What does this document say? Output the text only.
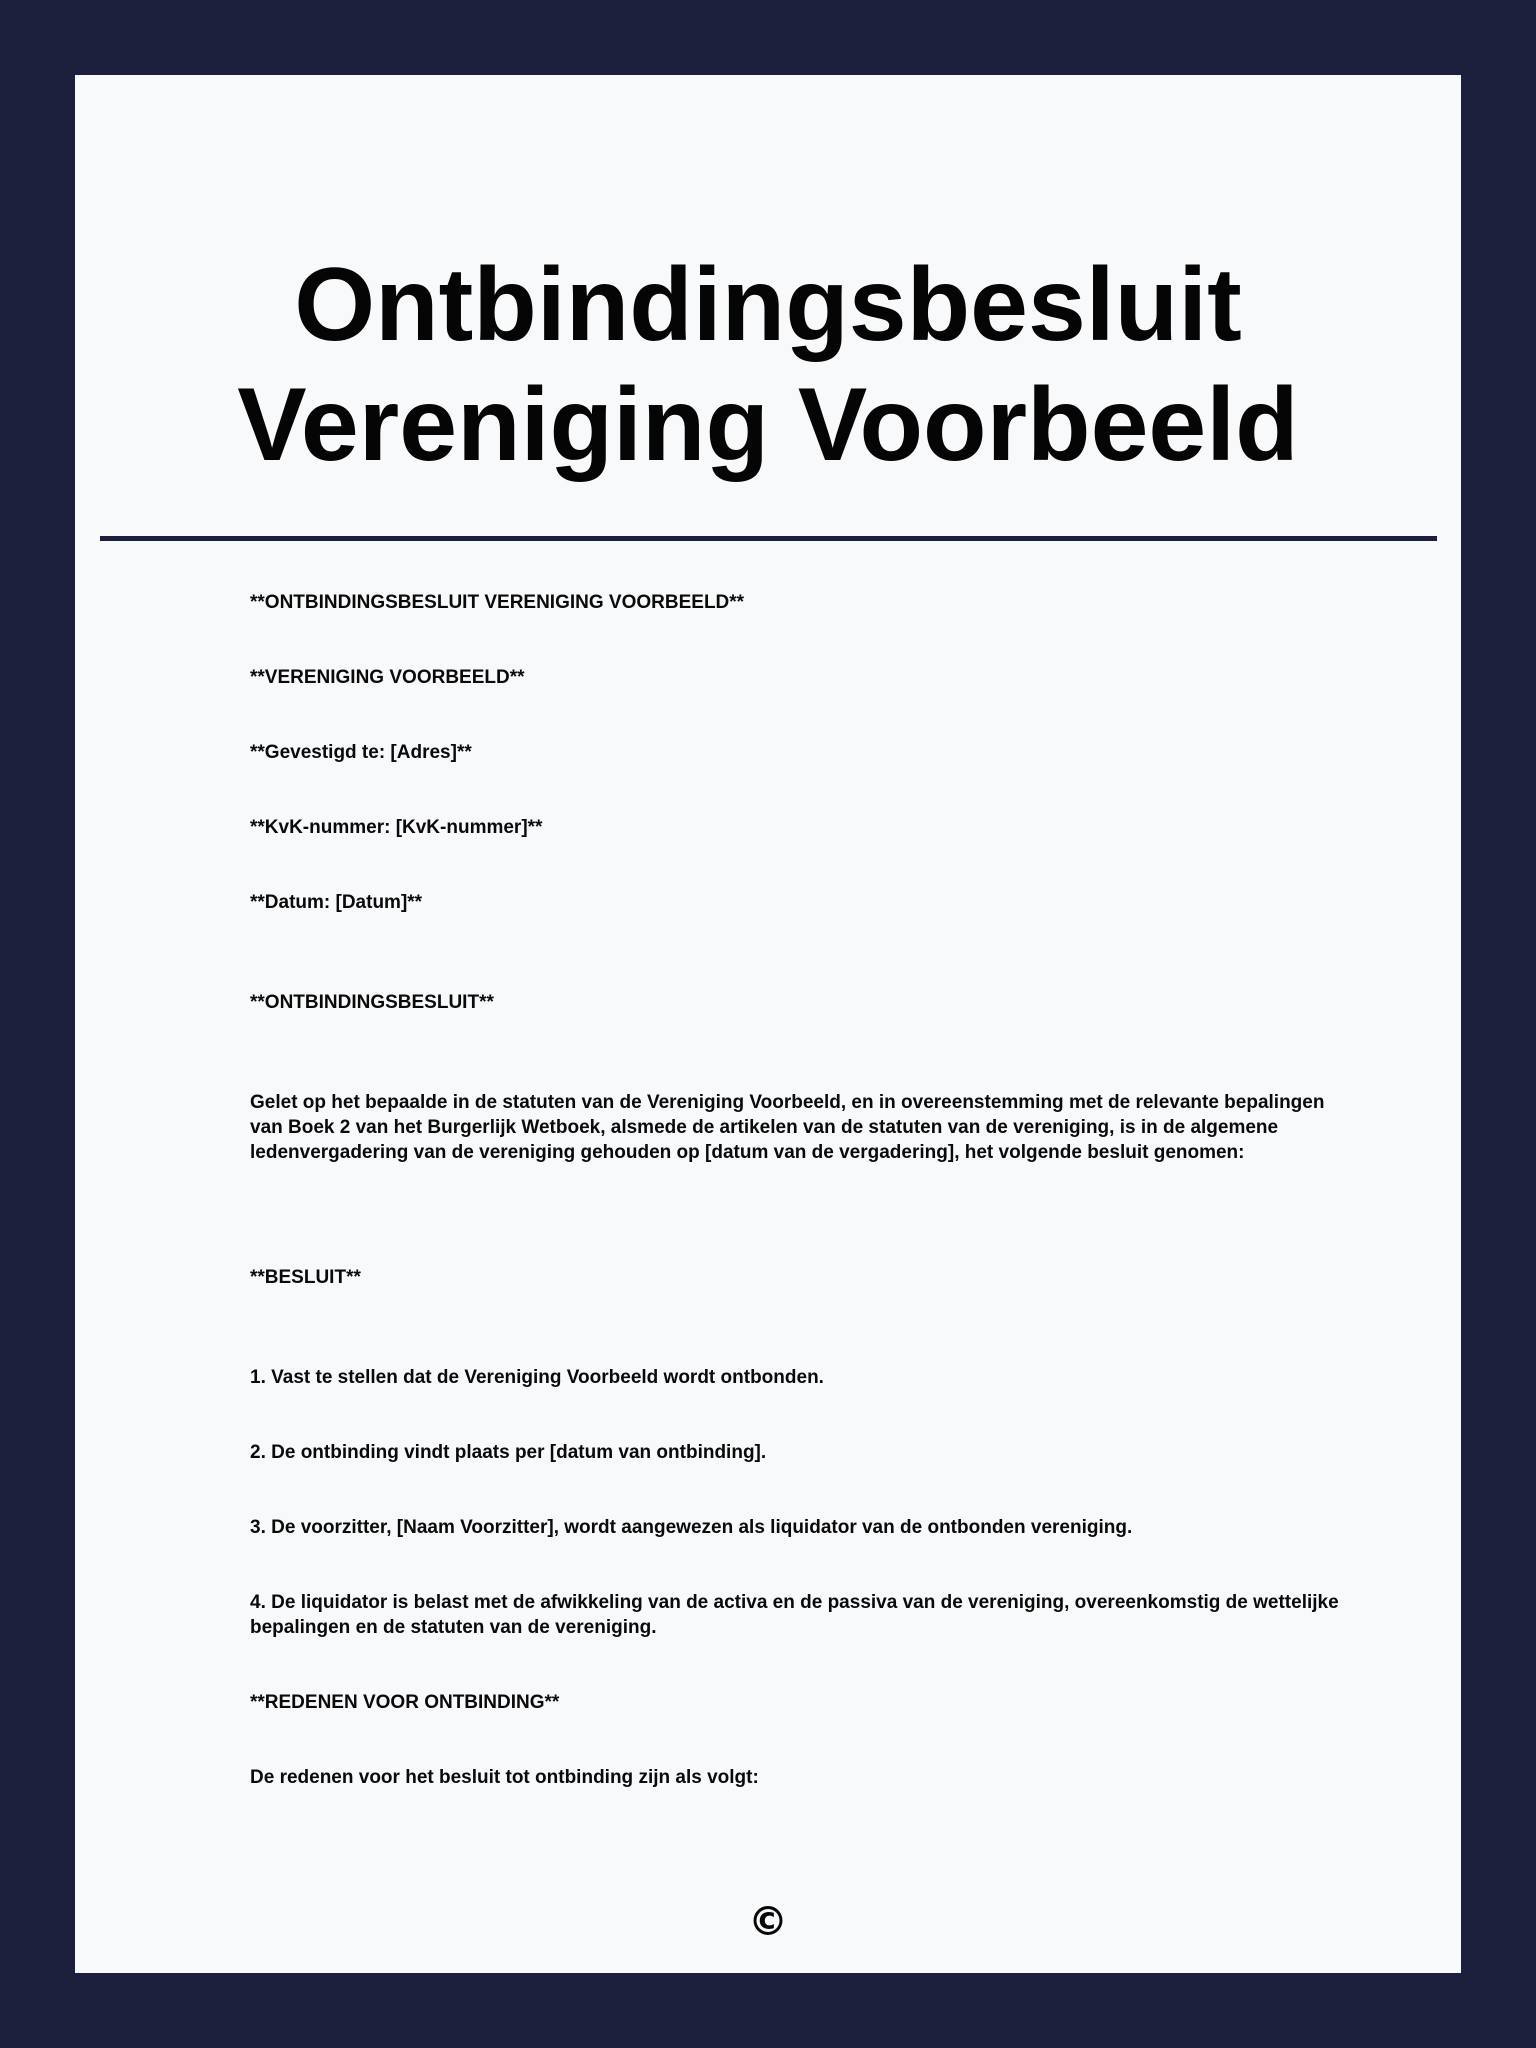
Ontbindingsbesluit
Vereniging Voorbeeld

**ONTBINDINGSBESLUIT VERENIGING VOORBEELD**

**VERENIGING VOORBEELD**

**Gevestigd te: [Adres]**

**KvK-nummer: [KvK-nummer]**

**Datum: [Datum]**

**ONTBINDINGSBESLUIT**

Gelet op het bepaalde in de statuten van de Vereniging Voorbeeld, en in overeenstemming met de relevante bepalingen van Boek 2 van het Burgerlijk Wetboek, alsmede de artikelen van de statuten van de vereniging, is in de algemene ledenvergadering van de vereniging gehouden op [datum van de vergadering], het volgende besluit genomen:

**BESLUIT**

1. Vast te stellen dat de Vereniging Voorbeeld wordt ontbonden.

2. De ontbinding vindt plaats per [datum van ontbinding].

3. De voorzitter, [Naam Voorzitter], wordt aangewezen als liquidator van de ontbonden vereniging.

4. De liquidator is belast met de afwikkeling van de activa en de passiva van de vereniging, overeenkomstig de wettelijke bepalingen en de statuten van de vereniging.

**REDENEN VOOR ONTBINDING**

De redenen voor het besluit tot ontbinding zijn als volgt:

©
